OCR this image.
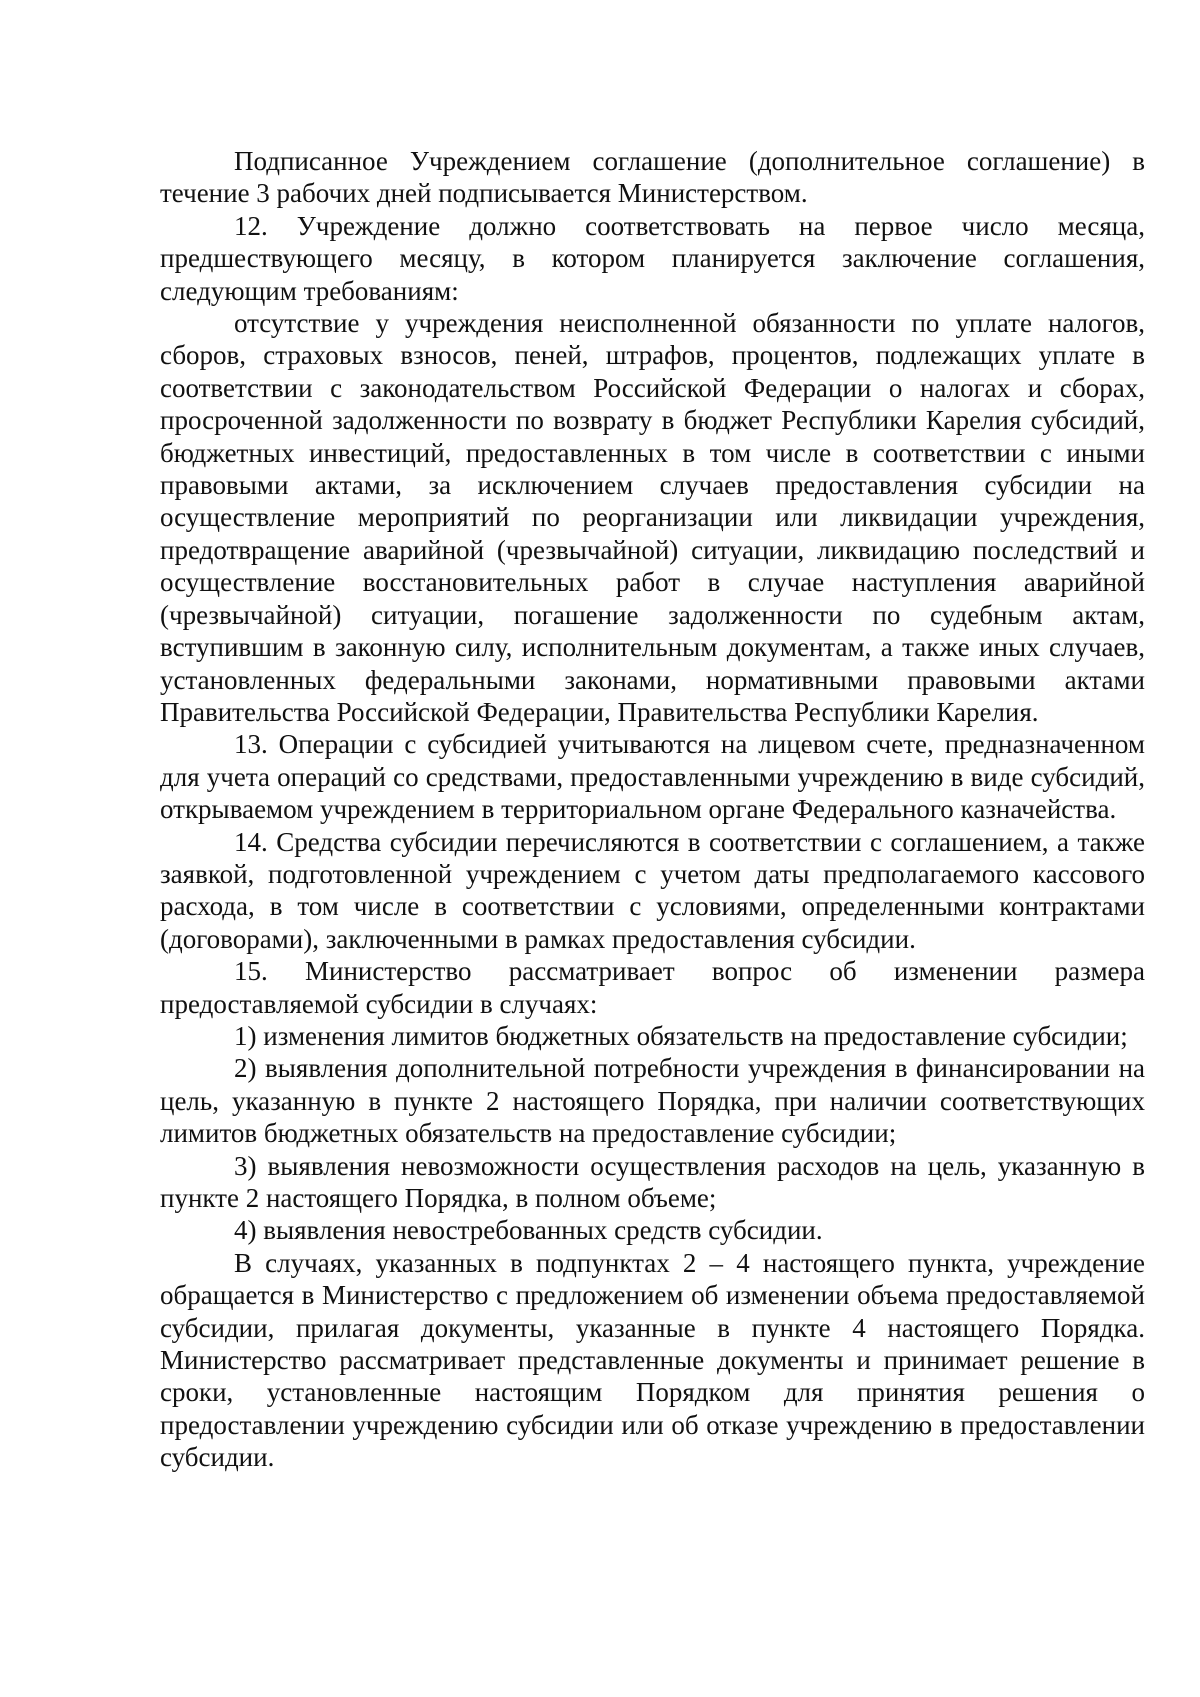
Подписанное Учреждением соглашение (дополнительное соглашение) в течение 3 рабочих дней подписывается Министерством.

12. Учреждение должно соответствовать на первое число месяца, предшествующего месяцу, в котором планируется заключение соглашения, следующим требованиям:

отсутствие у учреждения неисполненной обязанности по уплате налогов, сборов, страховых взносов, пеней, штрафов, процентов, подлежащих уплате в соответствии с законодательством Российской Федерации о налогах и сборах, просроченной задолженности по возврату в бюджет Республики Карелия субсидий, бюджетных инвестиций, предоставленных в том числе в соответствии с иными правовыми актами, за исключением случаев предоставления субсидии на осуществление мероприятий по реорганизации или ликвидации учреждения, предотвращение аварийной (чрезвычайной) ситуации, ликвидацию последствий и осуществление восстановительных работ в случае наступления аварийной (чрезвычайной) ситуации, погашение задолженности по судебным актам, вступившим в законную силу, исполнительным документам, а также иных случаев, установленных федеральными законами, нормативными правовыми актами Правительства Российской Федерации, Правительства Республики Карелия.

13. Операции с субсидией учитываются на лицевом счете, предназначенном для учета операций со средствами, предоставленными учреждению в виде субсидий, открываемом учреждением в территориальном органе Федерального казначейства.

14. Средства субсидии перечисляются в соответствии с соглашением, а также заявкой, подготовленной учреждением с учетом даты предполагаемого кассового расхода, в том числе в соответствии с условиями, определенными контрактами (договорами), заключенными в рамках предоставления субсидии.

15. Министерство рассматривает вопрос об изменении размера предоставляемой субсидии в случаях:

1) изменения лимитов бюджетных обязательств на предоставление субсидии;

2) выявления дополнительной потребности учреждения в финансировании на цель, указанную в пункте 2 настоящего Порядка, при наличии соответствующих лимитов бюджетных обязательств на предоставление субсидии;

3) выявления невозможности осуществления расходов на цель, указанную в пункте 2 настоящего Порядка, в полном объеме;

4) выявления невостребованных средств субсидии.

В случаях, указанных в подпунктах 2 – 4 настоящего пункта, учреждение обращается в Министерство с предложением об изменении объема предоставляемой субсидии, прилагая документы, указанные в пункте 4 настоящего Порядка. Министерство рассматривает представленные документы и принимает решение в сроки, установленные настоящим Порядком для принятия решения о предоставлении учреждению субсидии или об отказе учреждению в предоставлении субсидии.
